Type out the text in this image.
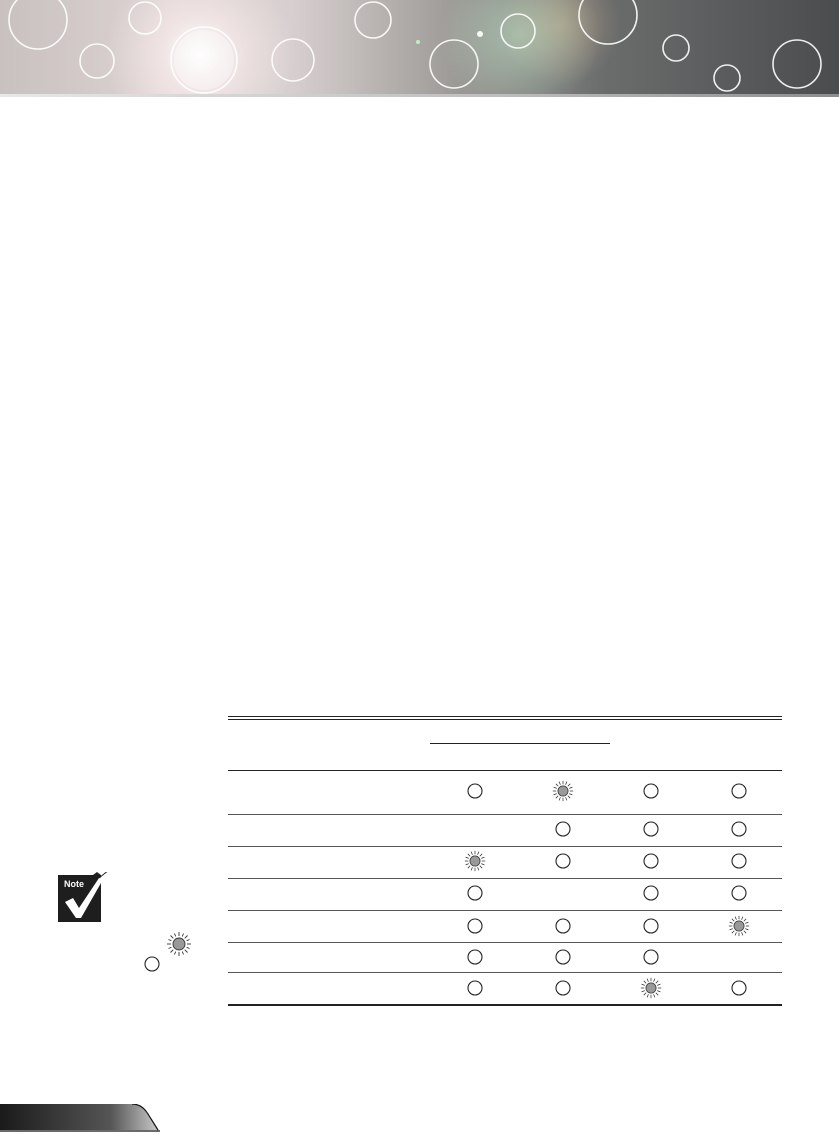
Note
